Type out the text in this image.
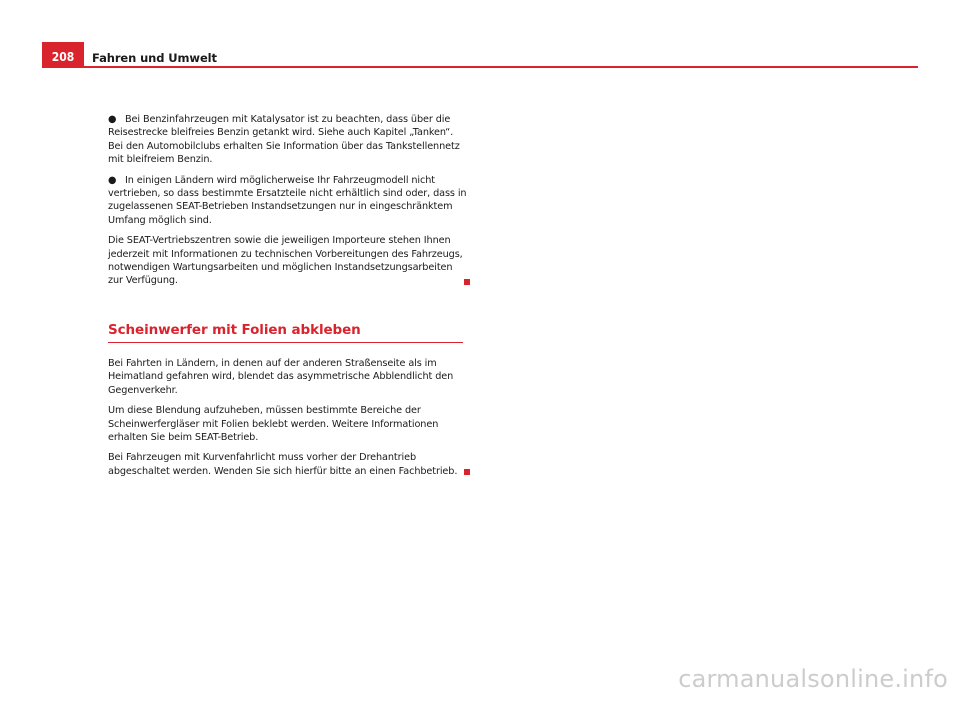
208	Fahren und Umwelt

● Bei Benzinfahrzeugen mit Katalysator ist zu beachten, dass über die Reisestrecke bleifreies Benzin getankt wird. Siehe auch Kapitel „Tanken“. Bei den Automobilclubs erhalten Sie Information über das Tankstellennetz mit bleifreiem Benzin.

● In einigen Ländern wird möglicherweise Ihr Fahrzeugmodell nicht vertrieben, so dass bestimmte Ersatzteile nicht erhältlich sind oder, dass in zugelassenen SEAT-Betrieben Instandsetzungen nur in eingeschränktem Umfang möglich sind.

Die SEAT-Vertriebszentren sowie die jeweiligen Importeure stehen Ihnen jederzeit mit Informationen zu technischen Vorbereitungen des Fahrzeugs, notwendigen Wartungsarbeiten und möglichen Instandsetzungsarbeiten zur Verfügung.

Scheinwerfer mit Folien abkleben

Bei Fahrten in Ländern, in denen auf der anderen Straßenseite als im Heimatland gefahren wird, blendet das asymmetrische Abblendlicht den Gegenverkehr.

Um diese Blendung aufzuheben, müssen bestimmte Bereiche der Scheinwerfergläser mit Folien beklebt werden. Weitere Informationen erhalten Sie beim SEAT-Betrieb.

Bei Fahrzeugen mit Kurvenfahrlicht muss vorher der Drehantrieb abgeschaltet werden. Wenden Sie sich hierfür bitte an einen Fachbetrieb.

carmanualsonline.info
